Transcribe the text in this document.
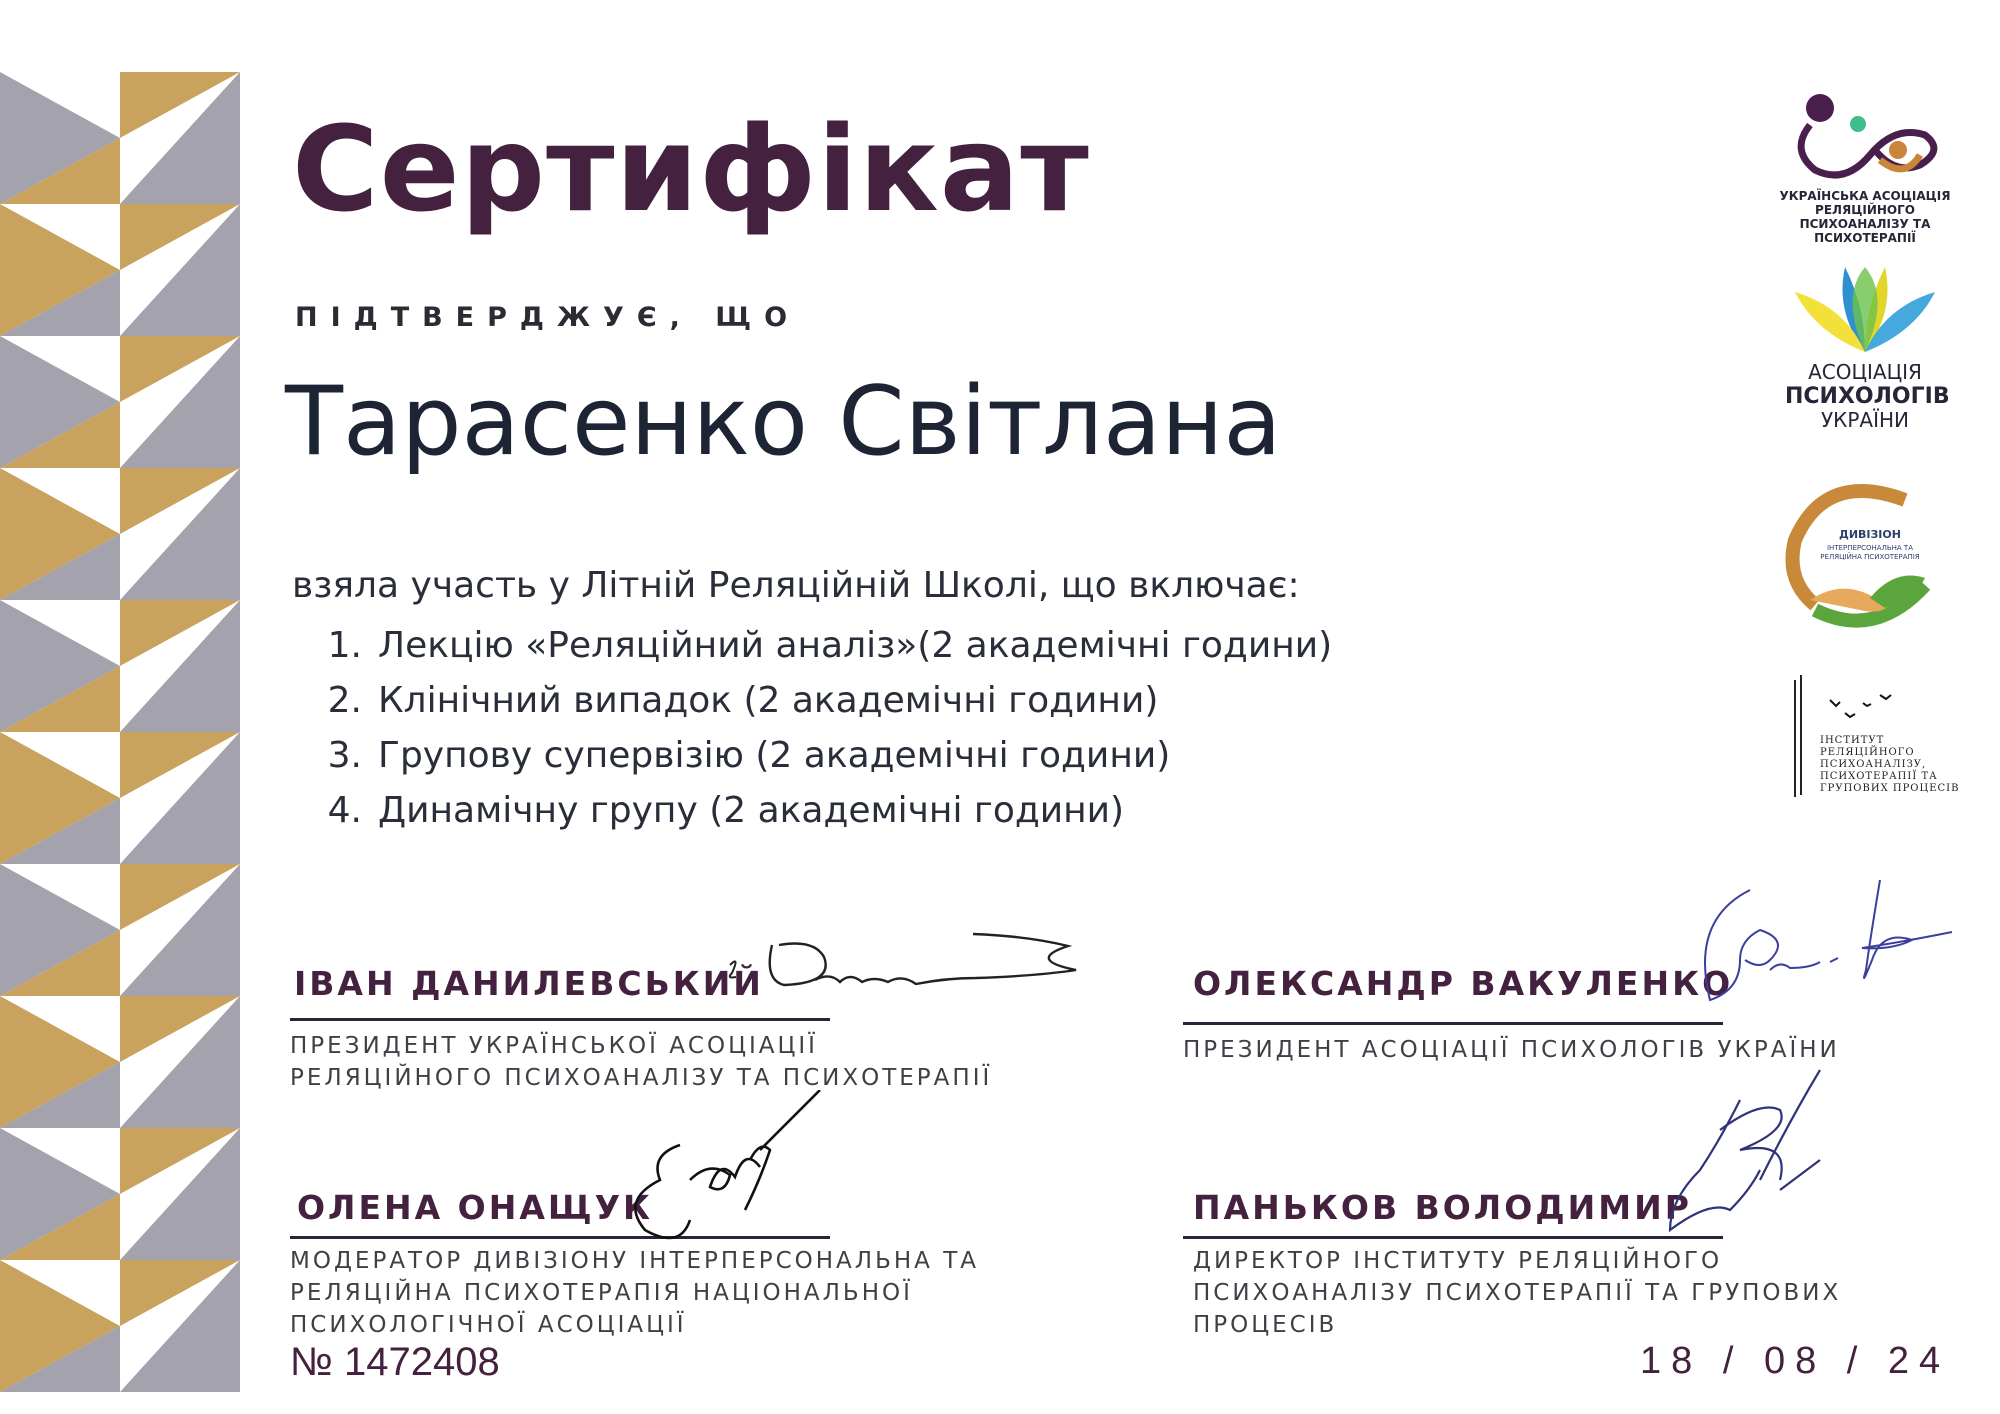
Сертифікат
ПІДТВЕРДЖУЄ, ЩО
Тарасенко Світлана
взяла участь у Літній Реляційній Школі, що включає:
1. Лекцію «Реляційний аналіз»(2 академічні години)
2. Клінічний випадок (2 академічні години)
3. Групову супервізію (2 академічні години)
4. Динамічну групу (2 академічні години)
ІВАН ДАНИЛЕВСЬКИЙ
ПРЕЗИДЕНТ УКРАЇНСЬКОЇ АСОЦІАЦІЇ РЕЛЯЦІЙНОГО ПСИХОАНАЛІЗУ ТА ПСИХОТЕРАПІЇ
ОЛЕКСАНДР ВАКУЛЕНКО
ПРЕЗИДЕНТ АСОЦІАЦІЇ ПСИХОЛОГІВ УКРАЇНИ
ОЛЕНА ОНАЩУК
МОДЕРАТОР ДИВІЗІОНУ ІНТЕРПЕРСОНАЛЬНА ТА РЕЛЯЦІЙНА ПСИХОТЕРАПІЯ НАЦІОНАЛЬНОЇ ПСИХОЛОГІЧНОЇ АСОЦІАЦІЇ
ПАНЬКОВ ВОЛОДИМИР
ДИРЕКТОР ІНСТИТУТУ РЕЛЯЦІЙНОГО ПСИХОАНАЛІЗУ ПСИХОТЕРАПІЇ ТА ГРУПОВИХ ПРОЦЕСІВ
№ 1472408	18 / 08 / 24
УКРАЇНСЬКА АСОЦІАЦІЯ РЕЛЯЦІЙНОГО ПСИХОАНАЛІЗУ ТА ПСИХОТЕРАПІЇ
АСОЦІАЦІЯ
ПСИХОЛОГІВ
УКРАЇНИ
ДИВІЗІОН
ІНТЕРПЕРСОНАЛЬНА ТА РЕЛЯЦІЙНА ПСИХОТЕРАПІЯ
ІНСТИТУТ РЕЛЯЦІЙНОГО ПСИХОАНАЛІЗУ, ПСИХОТЕРАПІЇ ТА ГРУПОВИХ ПРОЦЕСІВ
